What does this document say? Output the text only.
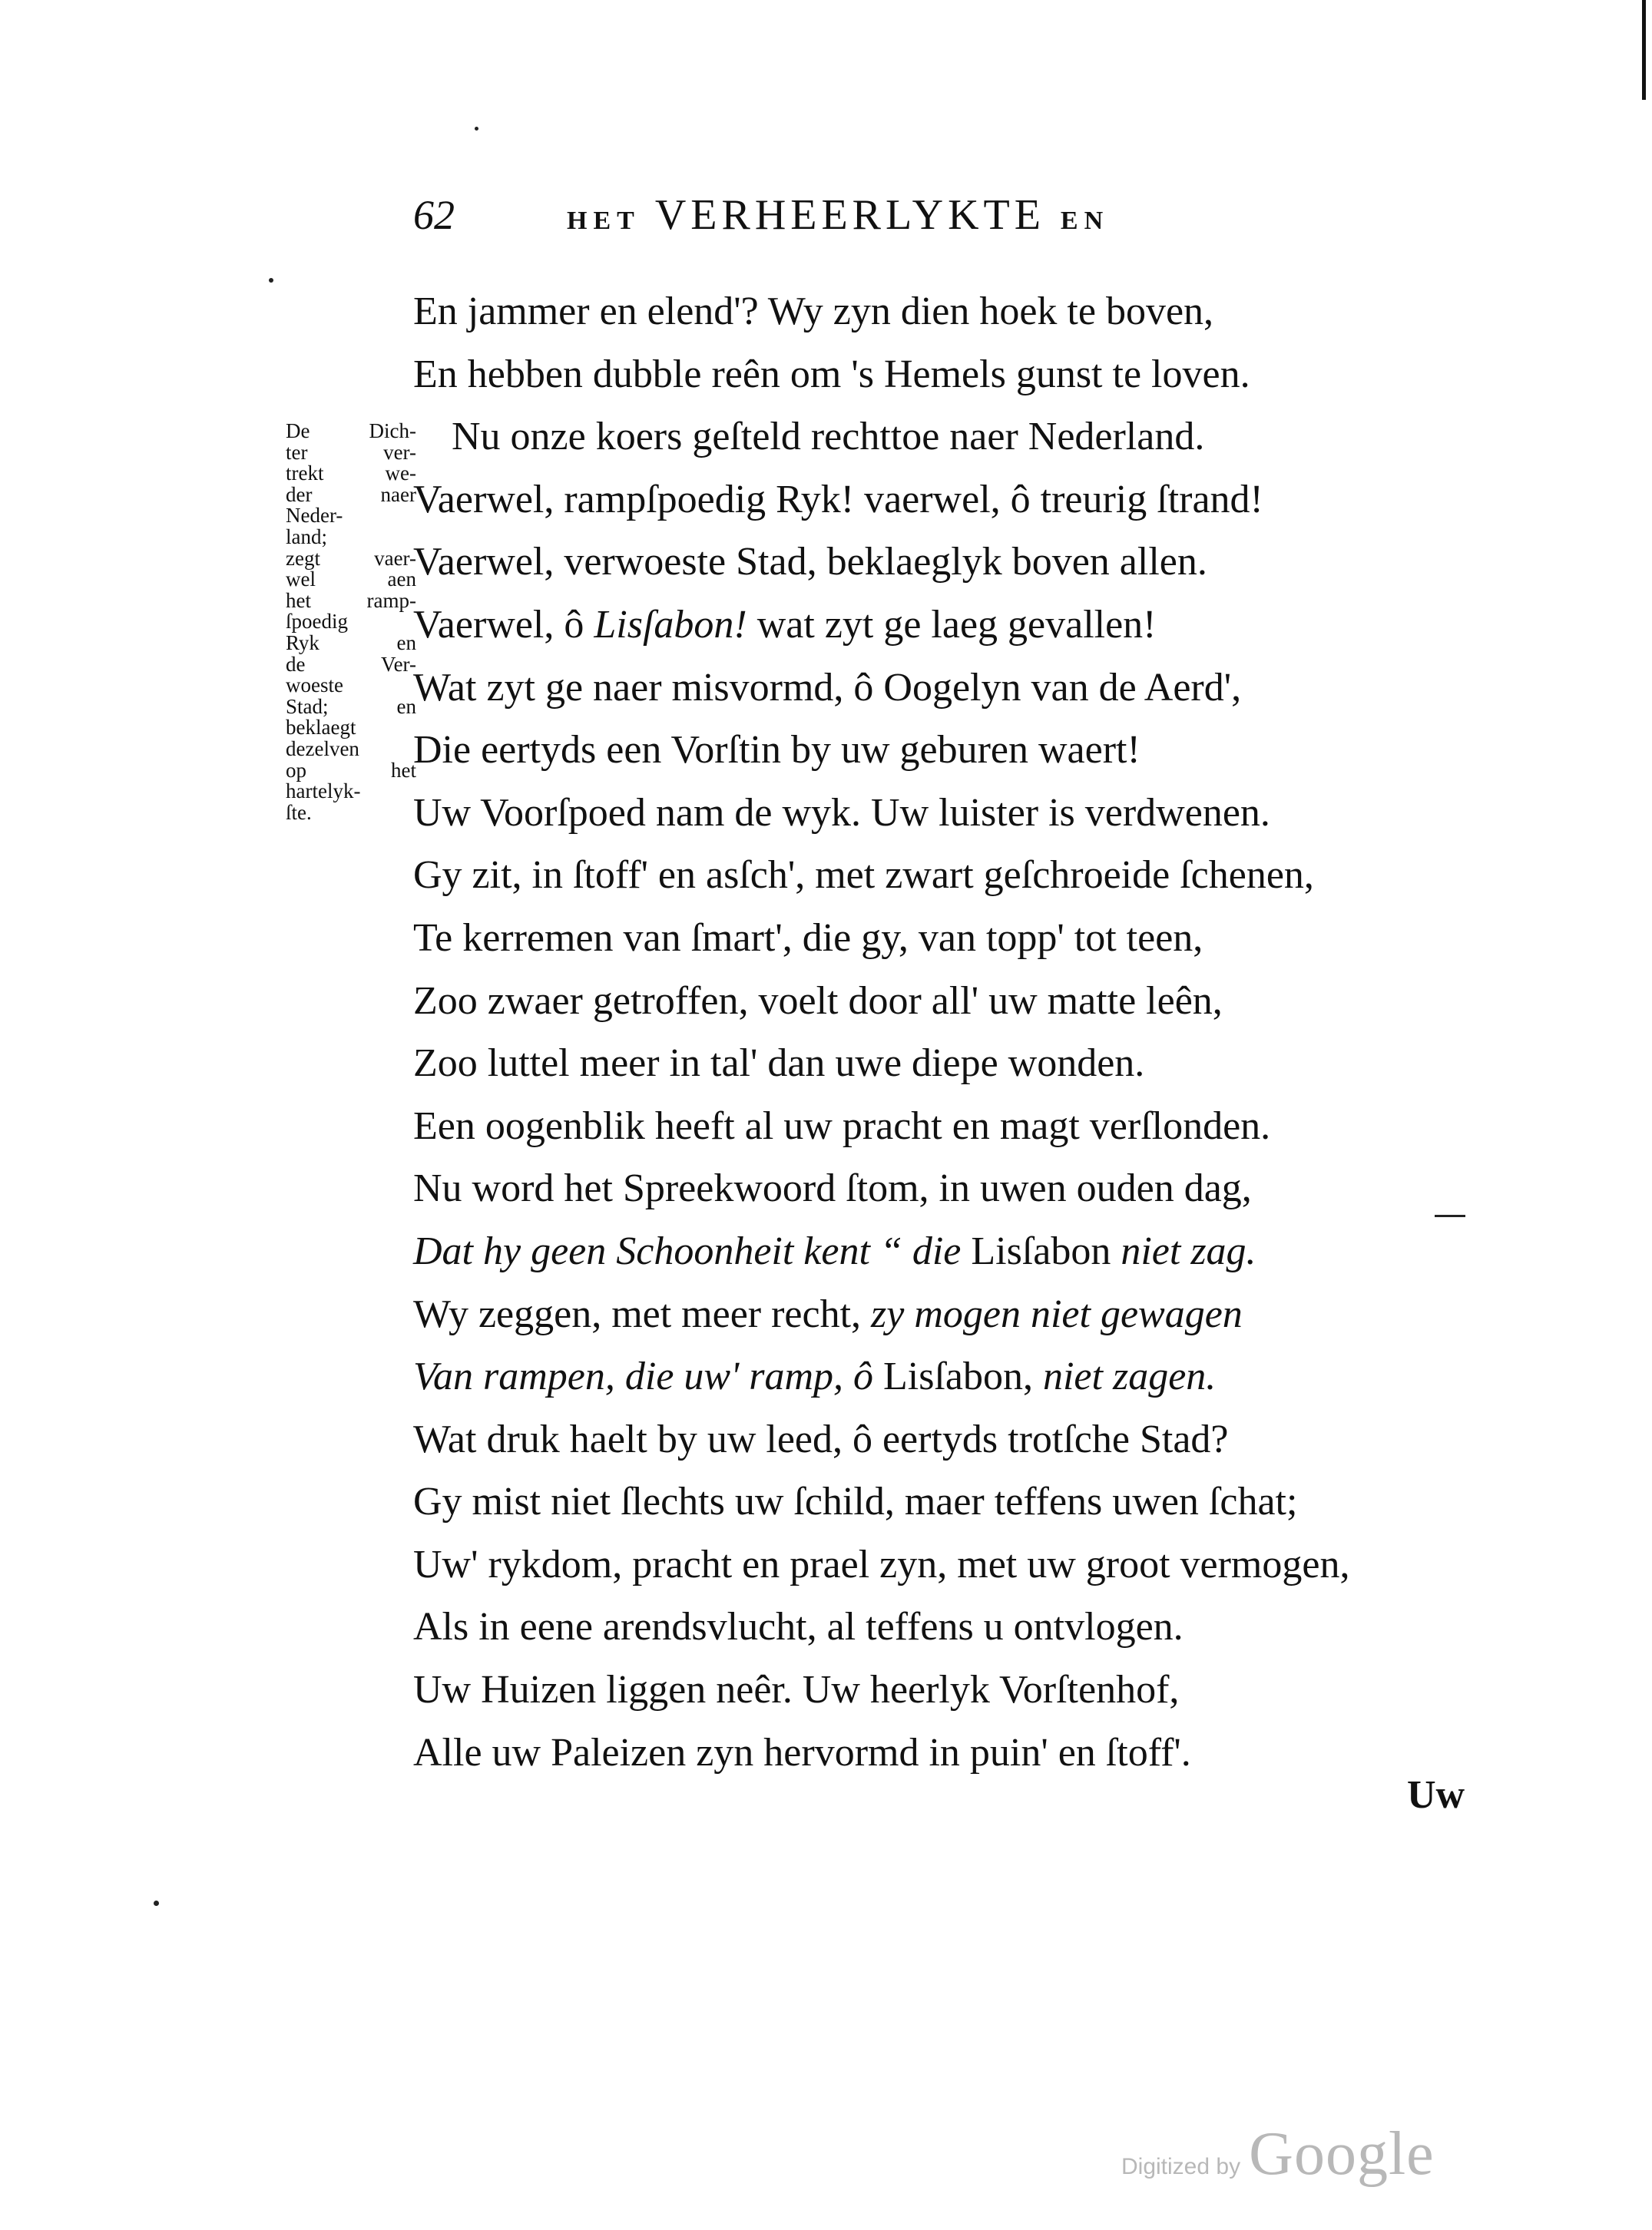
62	HET VERHEERLYKTE EN
De Dich-
ter ver-
trekt we-
der naer
Neder-
land;
zegt vaer-
wel aen
het ramp-
ſpoedig
Ryk en
de Ver-
woeste
Stad; en
beklaegt
dezelven
op het
hartelyk-
ſte.
En jammer en elend'? Wy zyn dien hoek te boven,
En hebben dubble reên om 's Hemels gunst te loven.
Nu onze koers geſteld rechttoe naer Nederland.
Vaerwel, rampſpoedig Ryk! vaerwel, ô treurig ſtrand!
Vaerwel, verwoeste Stad, beklaeglyk boven allen.
Vaerwel, ô Lisſabon! wat zyt ge laeg gevallen!
Wat zyt ge naer misvormd, ô Oogelyn van de Aerd',
Die eertyds een Vorſtin by uw geburen waert!
Uw Voorſpoed nam de wyk. Uw luister is verdwenen.
Gy zit, in ſtoff' en asſch', met zwart geſchroeide ſchenen,
Te kerremen van ſmart', die gy, van topp' tot teen,
Zoo zwaer getroffen, voelt door all' uw matte leên,
Zoo luttel meer in tal' dan uwe diepe wonden.
Een oogenblik heeft al uw pracht en magt verſlonden.
Nu word het Spreekwoord ſtom, in uwen ouden dag,
Dat hy geen Schoonheit kent “ die Lisſabon niet zag.
Wy zeggen, met meer recht, zy mogen niet gewagen
Van rampen, die uw' ramp, ô Lisſabon, niet zagen.
Wat druk haelt by uw leed, ô eertyds trotſche Stad?
Gy mist niet ſlechts uw ſchild, maer teffens uwen ſchat;
Uw' rykdom, pracht en prael zyn, met uw groot vermogen,
Als in eene arendsvlucht, al teffens u ontvlogen.
Uw Huizen liggen neêr. Uw heerlyk Vorſtenhof,
Alle uw Paleizen zyn hervormd in puin' en ſtoff'.
Uw
Digitized by Google
